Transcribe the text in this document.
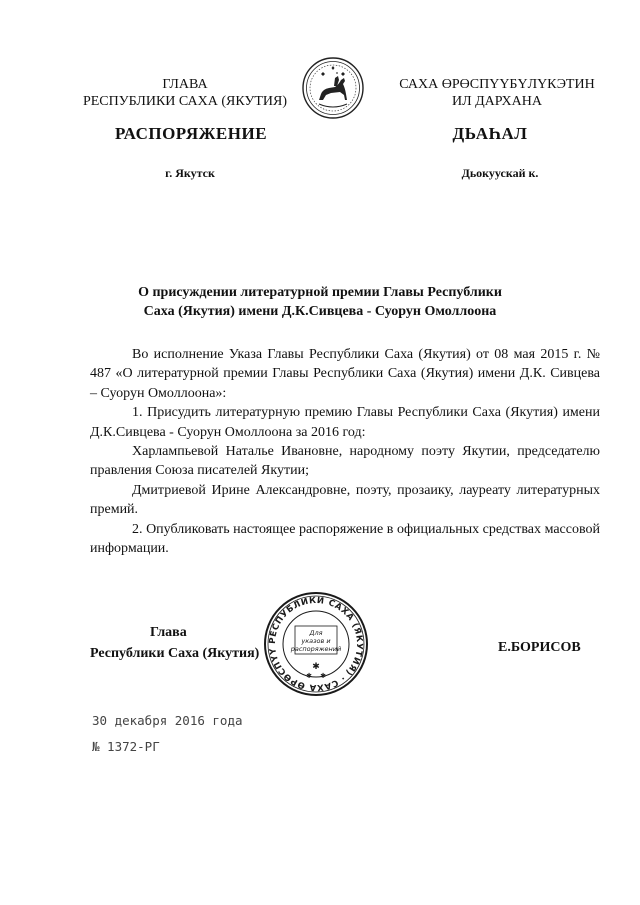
ГЛАВА
РЕСПУБЛИКИ САХА (ЯКУТИЯ)
САХА ӨРӨСПҮҮБҮЛҮКЭТИН
ИЛ ДАРХАНА
РАСПОРЯЖЕНИЕ	ДЬАҺАЛ
г. Якутск	Дьокуускай к.
О присуждении литературной премии Главы Республики
Саха (Якутия) имени Д.К.Сивцева - Суорун Омоллоона

Во исполнение Указа Главы Республики Саха (Якутия) от 08 мая 2015 г. № 487 «О литературной премии Главы Республики Саха (Якутия) имени Д.К. Сивцева – Суорун Омоллоона»:

1. Присудить литературную премию Главы Республики Саха (Якутия) имени Д.К.Сивцева - Суорун Омоллоона за 2016 год:

Харлампьевой Наталье Ивановне, народному поэту Якутии, председателю правления Союза писателей Якутии;

Дмитриевой Ирине Александровне, поэту, прозаику, лауреату литературных премий.

2. Опубликовать настоящее распоряжение в официальных средствах массовой информации.

Глава
Республики Саха (Якутия)
РЕСПУБЛИКИ САХА (ЯКУТИЯ) · САХА ӨРӨСПҮҮ
Для
указов и
распоряжений
✱
✱ ✱
Е.БОРИСОВ
30 декабря 2016 года
№ 1372-РГ
